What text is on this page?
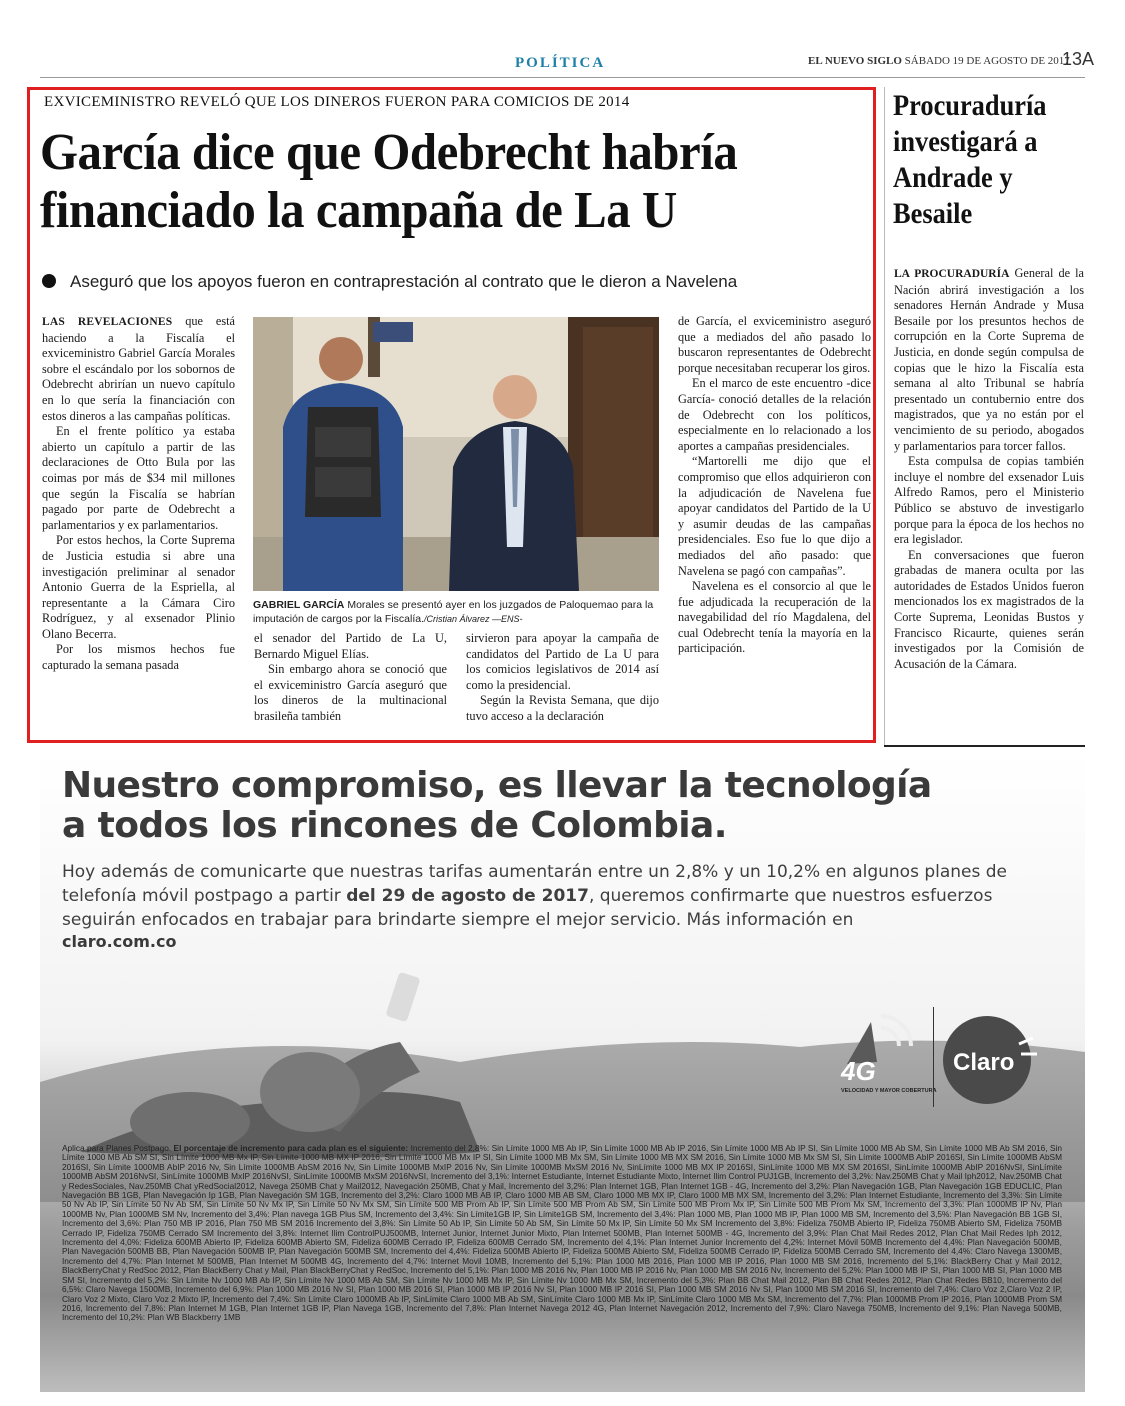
POLÍTICA	EL NUEVO SIGLO SÁBADO 19 DE AGOSTO DE 2017
13A
EXVICEMINISTRO REVELÓ QUE LOS DINEROS FUERON PARA COMICIOS DE 2014
García dice que Odebrecht habría
financiado la campaña de La U
Aseguró que los apoyos fueron en contraprestación al contrato que le dieron a Navelena

LAS REVELACIONES que está haciendo a la Fiscalía el exviceministro Gabriel García Morales sobre el escándalo por los sobornos de Odebrecht abrirían un nuevo capítulo en lo que sería la financiación con estos dineros a las campañas políticas.

En el frente político ya estaba abierto un capítulo a partir de las declaraciones de Otto Bula por las coimas por más de $34 mil millones que según la Fiscalía se habrían pagado por parte de Odebrecht a parlamentarios y ex parlamentarios.

Por estos hechos, la Corte Suprema de Justicia estudia si abre una investigación preliminar al senador Antonio Guerra de la Espriella, al representante a la Cámara Ciro Rodríguez, y al exsenador Plinio Olano Becerra.

Por los mismos hechos fue capturado la semana pasada

GABRIEL GARCÍA Morales se presentó ayer en los juzgados de Paloquemao para la imputación de cargos por la Fiscalía./Cristian Álvarez —ENS-

el senador del Partido de La U, Bernardo Miguel Elías.

Sin embargo ahora se conoció que el exviceministro García aseguró que los dineros de la multinacional brasileña también

sirvieron para apoyar la campaña de candidatos del Partido de La U para los comicios legislativos de 2014 así como la presidencial.

Según la Revista Semana, que dijo tuvo acceso a la declaración

de García, el exviceministro aseguró que a mediados del año pasado lo buscaron representantes de Odebrecht porque necesitaban recuperar los giros.

En el marco de este encuentro -dice García- conoció detalles de la relación de Odebrecht con los políticos, especialmente en lo relacionado a los aportes a campañas presidenciales.

“Martorelli me dijo que el compromiso que ellos adquirieron con la adjudicación de Navelena fue apoyar candidatos del Partido de la U y asumir deudas de las campañas presidenciales. Eso fue lo que dijo a mediados del año pasado: que Navelena se pagó con campañas”.

Navelena es el consorcio al que le fue adjudicada la recuperación de la navegabilidad del río Magdalena, del cual Odebrecht tenía la mayoría en la participación.

Procuraduría investigará a Andrade y Besaile

LA PROCURADURÍA General de la Nación abrirá investigación a los senadores Hernán Andrade y Musa Besaile por los presuntos hechos de corrupción en la Corte Suprema de Justicia, en donde según compulsa de copias que le hizo la Fiscalía esta semana al alto Tribunal se habría presentado un contubernio entre dos magistrados, que ya no están por el vencimiento de su periodo, abogados y parlamentarios para torcer fallos.

Esta compulsa de copias también incluye el nombre del exsenador Luis Alfredo Ramos, pero el Ministerio Público se abstuvo de investigarlo porque para la época de los hechos no era legislador.

En conversaciones que fueron grabadas de manera oculta por las autoridades de Estados Unidos fueron mencionados los ex magistrados de la Corte Suprema, Leonidas Bustos y Francisco Ricaurte, quienes serán investigados por la Comisión de Acusación de la Cámara.

Nuestro compromiso, es llevar la tecnología
a todos los rincones de Colombia.
Hoy además de comunicarte que nuestras tarifas aumentarán entre un 2,8% y un 10,2% en algunos planes de telefonía móvil postpago a partir del 29 de agosto de 2017, queremos confirmarte que nuestros esfuerzos seguirán enfocados en trabajar para brindarte siempre el mejor servicio. Más información en
claro.com.co
4G
VELOCIDAD Y MAYOR COBERTURA
Claro
Aplica para Planes Postpago. El porcentaje de incremento para cada plan es el siguiente: Incremento del 2,8%: Sin Límite 1000 MB Ab IP, Sin Límite 1000 MB Ab IP 2016, Sin Límite 1000 MB Ab IP SI, Sin Límite 1000 MB Ab SM, Sin Límite 1000 MB Ab SM 2016, Sin Límite 1000 MB Ab SM SI, Sin Límite 1000 MB Mx IP, Sin Límite 1000 MB MX IP 2016, Sin Límite 1000 MB Mx IP SI, Sin Límite 1000 MB Mx SM, Sin Límite 1000 MB MX SM 2016, Sin Límite 1000 MB Mx SM SI, Sin Límite 1000MB AbIP 2016SI, Sin Límite 1000MB AbSM 2016SI, Sin Límite 1000MB AbIP 2016 Nv, Sin Límite 1000MB AbSM 2016 Nv, Sin Límite 1000MB MxIP 2016 Nv, Sin Límite 1000MB MxSM 2016 Nv, SinLímite 1000 MB MX IP 2016SI, SinLímite 1000 MB MX SM 2016SI, SinLímite 1000MB AbIP 2016NvSI, SinLímite 1000MB AbSM 2016NvSI, SinLímite 1000MB MxIP 2016NvSI, SinLímite 1000MB MxSM 2016NvSI, Incremento del 3,1%: Internet Estudiante, Internet Estudiante Mixto, Internet Ilim Control PUJ1GB, Incremento del 3,2%: Nav.250MB Chat y Mail Iph2012, Nav.250MB Chat y RedesSociales, Nav.250MB Chat yRedSocial2012, Navega 250MB Chat y Mail2012, Navegación 250MB, Chat y Mail, Incremento del 3,2%: Plan Internet 1GB, Plan Internet 1GB - 4G, Incremento del 3,2%: Plan Navegación 1GB, Plan Navegación 1GB EDUCLIC, Plan Navegación BB 1GB, Plan Navegación Ip 1GB, Plan Navegación SM 1GB, Incremento del 3,2%: Claro 1000 MB AB IP, Claro 1000 MB AB SM, Claro 1000 MB MX IP, Claro 1000 MB MX SM, Incremento del 3,2%: Plan Internet Estudiante, Incremento del 3,3%: Sin Límite 50 Nv Ab IP, Sin Límite 50 Nv Ab SM, Sin Límite 50 Nv Mx IP, Sin Límite 50 Nv Mx SM, Sin Límite 500 MB Prom Ab IP, Sin Límite 500 MB Prom Ab SM, Sin Límite 500 MB Prom Mx IP, Sin Límite 500 MB Prom Mx SM, Incremento del 3,3%: Plan 1000MB IP Nv, Plan 1000MB Nv, Plan 1000MB SM Nv, Incremento del 3,4%: Plan navega 1GB Plus SM, Incremento del 3,4%: Sin Límite1GB IP, Sin Límite1GB SM, Incremento del 3,4%: Plan 1000 MB, Plan 1000 MB IP, Plan 1000 MB SM, Incremento del 3,5%: Plan Navegación BB 1GB SI, Incremento del 3,6%: Plan 750 MB IP 2016, Plan 750 MB SM 2016 Incremento del 3,8%: Sin Límite 50 Ab IP, Sin Límite 50 Ab SM, Sin Límite 50 Mx IP, Sin Límite 50 Mx SM Incremento del 3,8%: Fideliza 750MB Abierto IP, Fideliza 750MB Abierto SM, Fideliza 750MB Cerrado IP, Fideliza 750MB Cerrado SM Incremento del 3,8%: Internet Ilim ControlPUJ500MB, Internet Junior, Internet Junior Mixto, Plan Internet 500MB, Plan Internet 500MB - 4G, Incremento del 3,9%: Plan Chat Mail Redes 2012, Plan Chat Mail Redes Iph 2012, Incremento del 4,0%: Fideliza 600MB Abierto IP, Fideliza 600MB Abierto SM, Fideliza 600MB Cerrado IP, Fideliza 600MB Cerrado SM, Incremento del 4,1%: Plan Internet Junior Incremento del 4,2%: Internet Móvil 50MB Incremento del 4,4%: Plan Navegación 500MB, Plan Navegación 500MB BB, Plan Navegación 500MB IP, Plan Navegación 500MB SM, Incremento del 4,4%: Fideliza 500MB Abierto IP, Fideliza 500MB Abierto SM, Fideliza 500MB Cerrado IP, Fideliza 500MB Cerrado SM, Incremento del 4,4%: Claro Navega 1300MB, Incremento del 4,7%: Plan Internet M 500MB, Plan Internet M 500MB 4G, Incremento del 4,7%: Internet Movil 10MB, Incremento del 5,1%: Plan 1000 MB 2016, Plan 1000 MB IP 2016, Plan 1000 MB SM 2016, Incremento del 5,1%: BlackBerry Chat y Mail 2012, BlackBerryChat y RedSoc 2012, Plan BlackBerry Chat y Mail, Plan BlackBerryChat y RedSoc, Incremento del 5,1%: Plan 1000 MB 2016 Nv, Plan 1000 MB IP 2016 Nv, Plan 1000 MB SM 2016 Nv, Incremento del 5,2%: Plan 1000 MB IP SI, Plan 1000 MB SI, Plan 1000 MB SM SI, Incremento del 5,2%: Sin Límite Nv 1000 MB Ab IP, Sin Límite Nv 1000 MB Ab SM, Sin Límite Nv 1000 MB Mx IP, Sin Límite Nv 1000 MB Mx SM, Incremento del 5,3%: Plan BB Chat Mail 2012, Plan BB Chat Redes 2012, Plan Chat Redes BB10, Incremento del 6,5%: Claro Navega 1500MB, Incremento del 6,9%: Plan 1000 MB 2016 Nv SI, Plan 1000 MB 2016 SI, Plan 1000 MB IP 2016 Nv SI, Plan 1000 MB IP 2016 SI, Plan 1000 MB SM 2016 Nv SI, Plan 1000 MB SM 2016 SI, Incremento del 7,4%: Claro Voz 2,Claro Voz 2 IP, Claro Voz 2 Mixto, Claro Voz 2 Mixto IP, Incremento del 7,4%: Sin Límite Claro 1000MB Ab IP, SinLímite Claro 1000 MB Ab SM, SinLímite Claro 1000 MB Mx IP, SinLímite Claro 1000 MB Mx SM, Incremento del 7,7%: Plan 1000MB Prom IP 2016, Plan 1000MB Prom SM 2016, Incremento del 7,8%: Plan Internet M 1GB, Plan Internet 1GB IP, Plan Navega 1GB, Incremento del 7,8%: Plan Internet Navega 2012 4G, Plan Internet Navegación 2012, Incremento del 7,9%: Claro Navega 750MB, Incremento del 9,1%: Plan Navega 500MB, Incremento del 10,2%: Plan WB Blackberry 1MB
